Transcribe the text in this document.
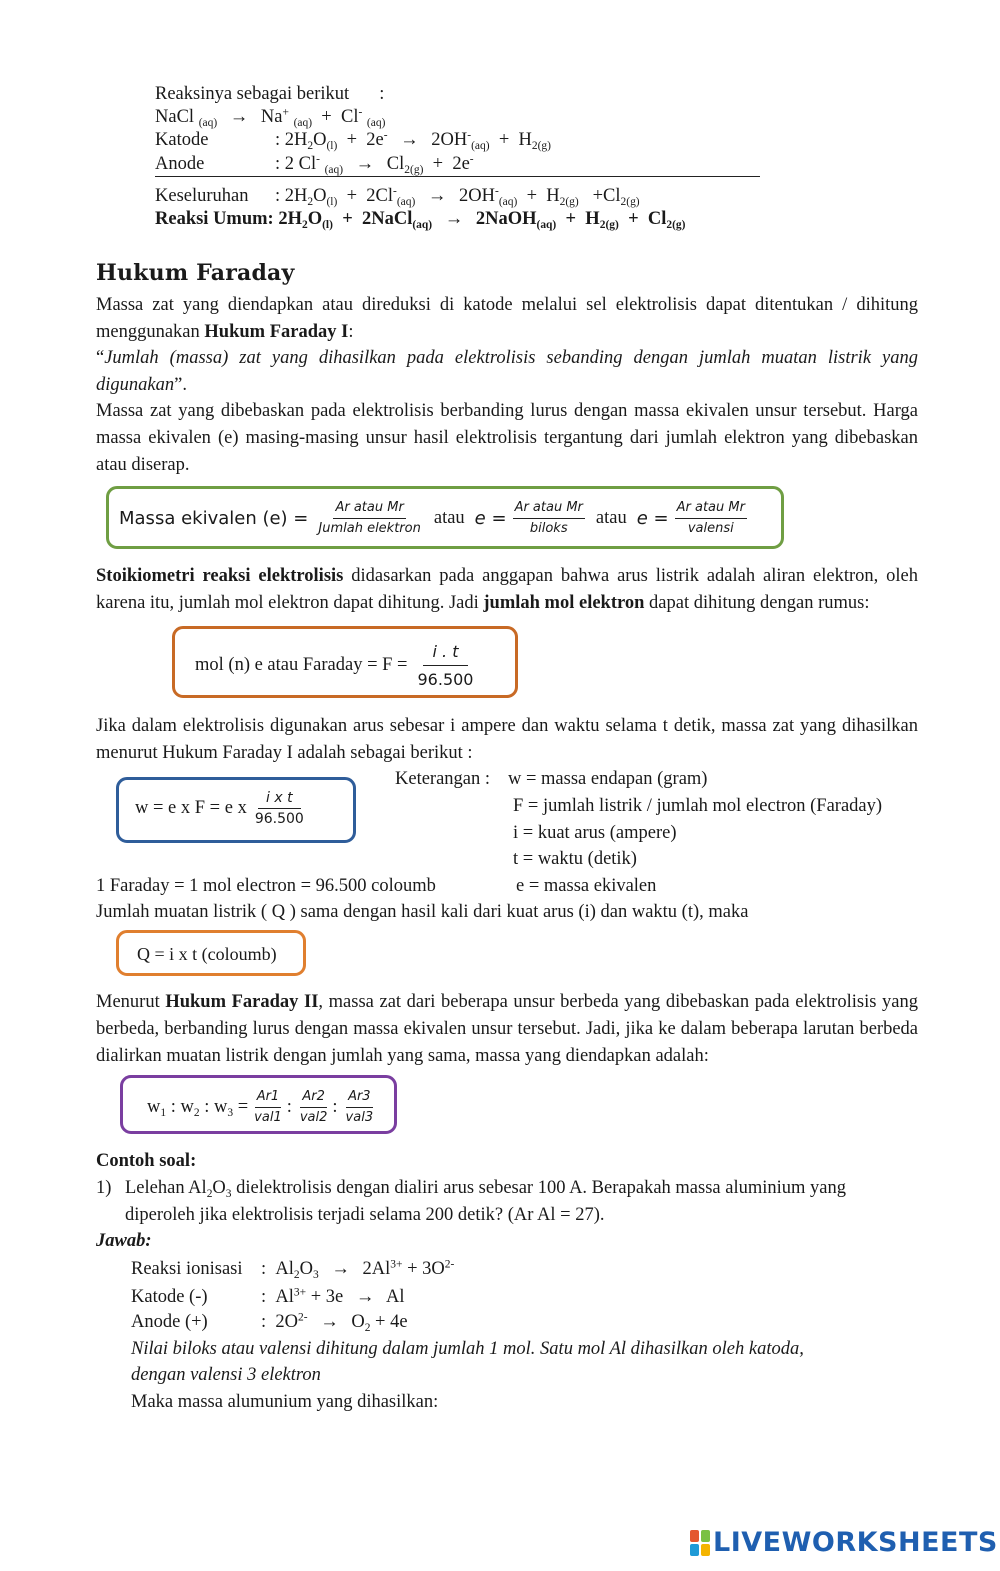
Reaksinya sebagai berikut :
NaCl $_{(aq)}$ → Na+ $_{(aq)}$  +  Cl- $_{(aq)}$
Katode	: $2H_2O_{(l)} + 2e^- \to 2OH^-_{(aq)} + H_{2(g)}$
Anode	: 2 Cl- $_{(aq)} \to Cl_{2(g)} + 2e^-$
Keseluruhan : $2H_2O_{(l)} + 2Cl^-_{(aq)} \to 2OH^-_{(aq)} + H_{2(g)} +Cl_{2(g)}$
Reaksi Umum: $2H_2O_{(l)}$  +  2NaCl$_{(aq)}$ → 2NaOH$_{(aq)}$  +  $H_{2(g)} + Cl_{2(g)}$
Hukum Faraday
Massa zat yang diendapkan atau direduksi di katode melalui sel elektrolisis dapat ditentukan / dihitung menggunakan Hukum Faraday I:
“Jumlah (massa) zat yang dihasilkan pada elektrolisis sebanding dengan jumlah muatan listrik yang digunakan”.
Massa zat yang dibebaskan pada elektrolisis berbanding lurus dengan massa ekivalen unsur tersebut. Harga massa ekivalen (e) masing-masing unsur hasil elektrolisis tergantung dari jumlah elektron yang dibebaskan atau diserap.
Massa ekivalen $(e) = \frac{\text{Ar atau Mr}}{\text{Jumlah elektron}}$ atau $e = \frac{\text{Ar atau Mr}}{\text{biloks}}$ atau $e = \frac{\text{Ar atau Mr}}{\text{valensi}}$
Stoikiometri reaksi elektrolisis didasarkan pada anggapan bahwa arus listrik adalah aliran elektron, oleh karena itu, jumlah mol elektron dapat dihitung. Jadi jumlah mol elektron dapat dihitung dengan rumus:
mol (n) e atau Faraday = $F = \frac{i . t}{96.500}$
Jika dalam elektrolisis digunakan arus sebesar i ampere dan waktu selama t detik, massa zat yang dihasilkan menurut Hukum Faraday I adalah sebagai berikut :
w = e x F = e x $\frac{\text{i x t}}{96.500}$
Keterangan : w = massa endapan (gram)
F = jumlah listrik / jumlah mol electron (Faraday)
i = kuat arus (ampere)
t = waktu (detik)
e = massa ekivalen
1 Faraday = 1 mol electron = 96.500 coloumb
Jumlah muatan listrik ( Q ) sama dengan hasil kali dari kuat arus (i) dan waktu (t), maka
Q = i x t (coloumb)
Menurut Hukum Faraday II, massa zat dari beberapa unsur berbeda yang dibebaskan pada elektrolisis yang berbeda, berbanding lurus dengan massa ekivalen unsur tersebut. Jadi, jika ke dalam beberapa larutan berbeda dialirkan muatan listrik dengan jumlah yang sama, massa yang diendapkan adalah:
$w_1$ : $w_2$ : $w_3 = \frac{Ar1}{\text{val1}}$ : $\frac{Ar2}{\text{val2}}$ : $\frac{Ar3}{\text{val3}}$
Contoh soal:
1) Lelehan $Al_2O_3$ dielektrolisis dengan dialiri arus sebesar 100 A. Berapakah massa aluminium yang
diperoleh jika elektrolisis terjadi selama 200 detik? (Ar Al = 27).
Jawab:
Reaksi ionisasi :  $Al_2O_3 \to 2Al^{3+} + 3O^{2-}$
Katode (-)	:  $Al^{3+} + 3e \to Al$
Anode (+)	:  $2O^{2-} \to O_2 + 4e$
Nilai biloks atau valensi dihitung dalam jumlah 1 mol. Satu mol Al dihasilkan oleh katoda,
dengan valensi 3 elektron
Maka massa alumunium yang dihasilkan:
LIVEWORKSHEETS
